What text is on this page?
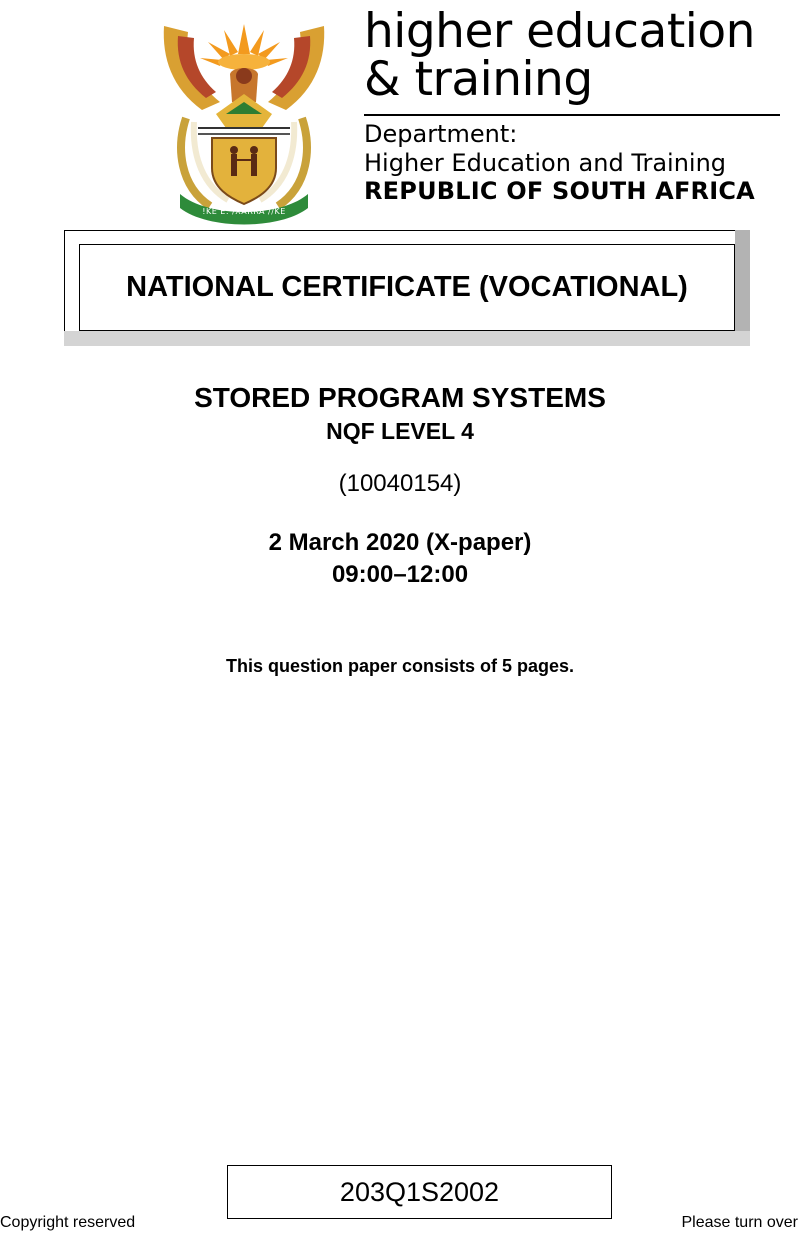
!KE E: /XARRA //KE
higher education
& training
Department:
Higher Education and Training
REPUBLIC OF SOUTH AFRICA
NATIONAL CERTIFICATE (VOCATIONAL)
STORED PROGRAM SYSTEMS
NQF LEVEL 4
(10040154)
2 March 2020 (X-paper)
09:00–12:00
This question paper consists of 5 pages.
203Q1S2002
Copyright reserved	Please turn over
